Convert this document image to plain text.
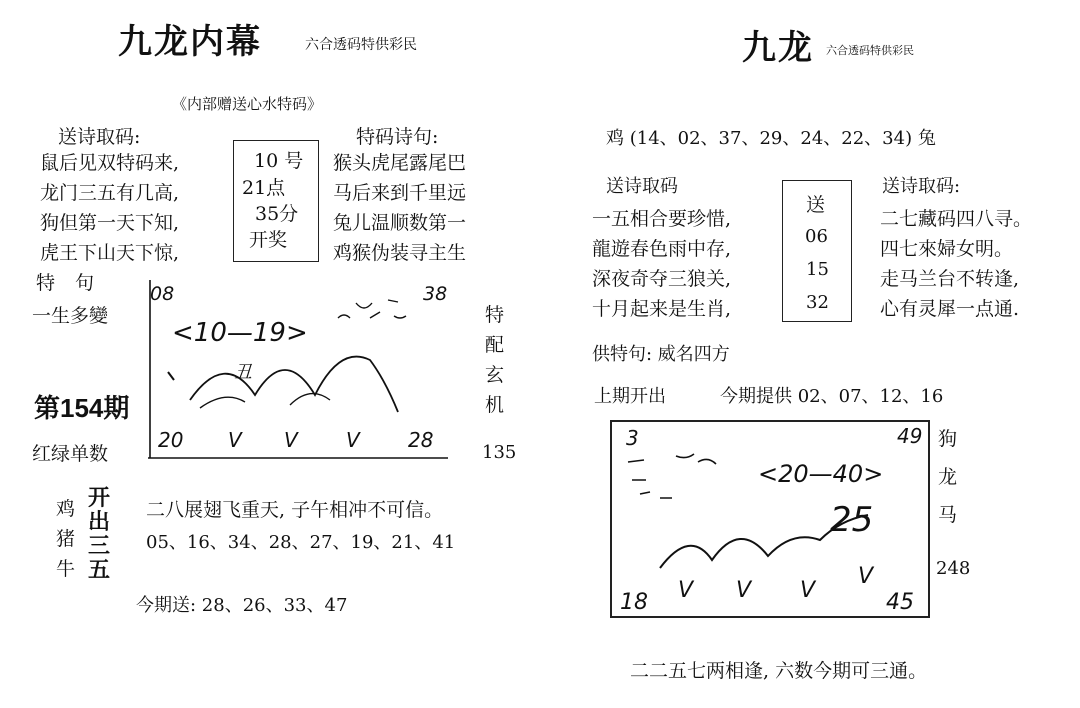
九龙内幕	六合透码特供彩民
《内部赠送心水特码》
送诗取码:
鼠后见双特码来,
龙门三五有几高,
狗但第一天下知,
虎王下山天下惊,
10 号
21点
35分
开奖
特码诗句:
猴头虎尾露尾巴
马后来到千里远
兔儿温顺数第一
鸡猴伪装寻主生
特 句
一生多變
第154期
红绿单数
08	38
<10—19>
丑
20 V V V 28
特
配
玄
机
135
鸡
猪
牛
开
出
三
五
二八展翅飞重天, 子午相冲不可信。
05、16、34、28、27、19、21、41
今期送: 28、26、33、47
九龙 六合透码特供彩民
鸡 (14、02、37、29、24、22、34) 兔
送诗取码
一五相合要珍惜,
龍遊春色雨中存,
深夜奇夺三狼关,
十月起来是生肖,
送
06
15
32
送诗取码:
二七藏码四八寻。
四七來婦女明。
走马兰台不转逢,
心有灵犀一点通.
供特句: 威名四方
上期开出	今期提供 02、07、12、16
3	49
<20—40>
25
18 V V V
V
45
狗
龙
马
248
二二五七两相逢, 六数今期可三通。
